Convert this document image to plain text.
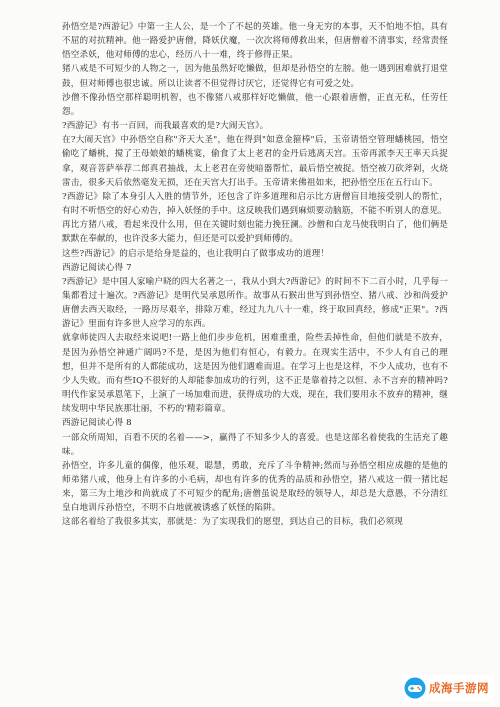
孙悟空是?西游记》中第一主人公，是一个了不起的英雄。他一身无穷的本事，天不怕地不怕，具有不屈的对抗精神。他一路爱护唐僧，降妖伏魔，一次次将师傅救出来，但唐僧着不清事实，经常责怪悟空杀妖，他对师傅的忠心，经历八十一难，终于修得正果。

猪八戒是不可短少的人物之一，因为他虽然好吃懒做，但却是孙悟空的左膀。他一遇到困难就打退堂鼓，但对师傅也很忠诚。所以让读者不但觉得讨厌它，还觉得它有可爱之处。

沙僧不像孙悟空那样聪明机智，也不像猪八戒那样好吃懒做，他一心跟着唐僧，正直无私，任劳任怨。

?西游记》有书一百回，而我最喜欢的是?大闹天宫》。

在?大闹天宫》中孙悟空自称"齐天大圣"，他在得到"如意金箍棒"后，玉帝请悟空管理蟠桃园，悟空偷吃了蟠桃，搅了王母娘娘的蟠桃宴，偷食了太上老君的金丹后逃离天宫。玉帝再派李天王率天兵捉拿，观音菩萨举荐二郎真君抽战，太上老君在旁使暗器帮忙，最后悟空被捉。悟空被刀砍斧剁，火烧雷击，很多天后依然毫发无损，还在天宫大打出手。玉帝请来佛祖如来，把孙悟空压在五行山下。

?西游记》除了本身引人入胜的情节外，还包含了许多道理和启示比方唐僧盲目地接受别人的帮忙，有时不听悟空的好心劝告，掉入妖怪的手中。这反映我们遇到麻烦要动脑筋，不能不听别人的意见。

再比方猪八戒，看起来没什么用，但在关键时刻也能力挽狂澜。沙僧和白龙马使我明白了，他们俩是默默在奉献的，也许没多大能力，但还是可以爱护到师傅的。

这些?西游记》的启示是给身是益的，也让我明白了做事成功的道理！

西游记阅读心得 7

?西游记》是中国人家喻户晓的四大名著之一，我从小到大?西游记》的时间不下二百小时，几乎每一集都看过十遍次。?西游记》是明代吴承恩所作。故事从石猴出世写到孙悟空、猪八戒、沙和尚爱护唐僧去西天取经，一路历尽艰辛，排除万难，经过九九八十一难，终于取回真经，修成"正果"。?西游记》里面有许多世人应学习的东西。

就拿师徒四人去取经来说吧!一路上他们步步危机，困难重重，险些丢掉性命，但他们就是不放弃，是因为孙悟空神通广阔吗?不是，是因为他们有恒心，有毅力。在现实生活中，不少人有自己的理想，但并不是所有的人都能成功，这是因为他们遇难而退。在学习上也是这样，不少人成功，也有不少人失败。而有些IQ不很好的人却能参加成功的行列，这不正是靠着持之以恒、永不言弃的精神吗?明代作家吴承恩笔下，上演了一场加难而进，获得成功的大戏，现在，我们要用永不放弃的精神，继续发明中华民族那壮丽，不朽的'精彩篇章。

西游记阅读心得 8

一部众所周知，百看不厌的名着——>，赢得了不知多少人的喜爱。也是这部名着使我的生活充了趣味。

孙悟空，许多儿童的偶像，他乐观，聪慧，勇敢，充斥了斗争精神;然而与孙悟空相应成趣的是他的师弟猪八戒，他身上有许多的小毛病，却也有许多的优秀的品质和孙悟空，猪八戒这一假一猪比起来，第三为土地沙和尚就成了不可短少的配角;唐僧虽说是取经的领导人，却总是大意愚，不分清红皇白地训斥孙悟空，不明不白地就被诱惑了妖怪的陷阱。

这部名着给了我很多其实，那就是：为了实现我们的愿望，到达自己的目标，我们必须现

成海手游网
